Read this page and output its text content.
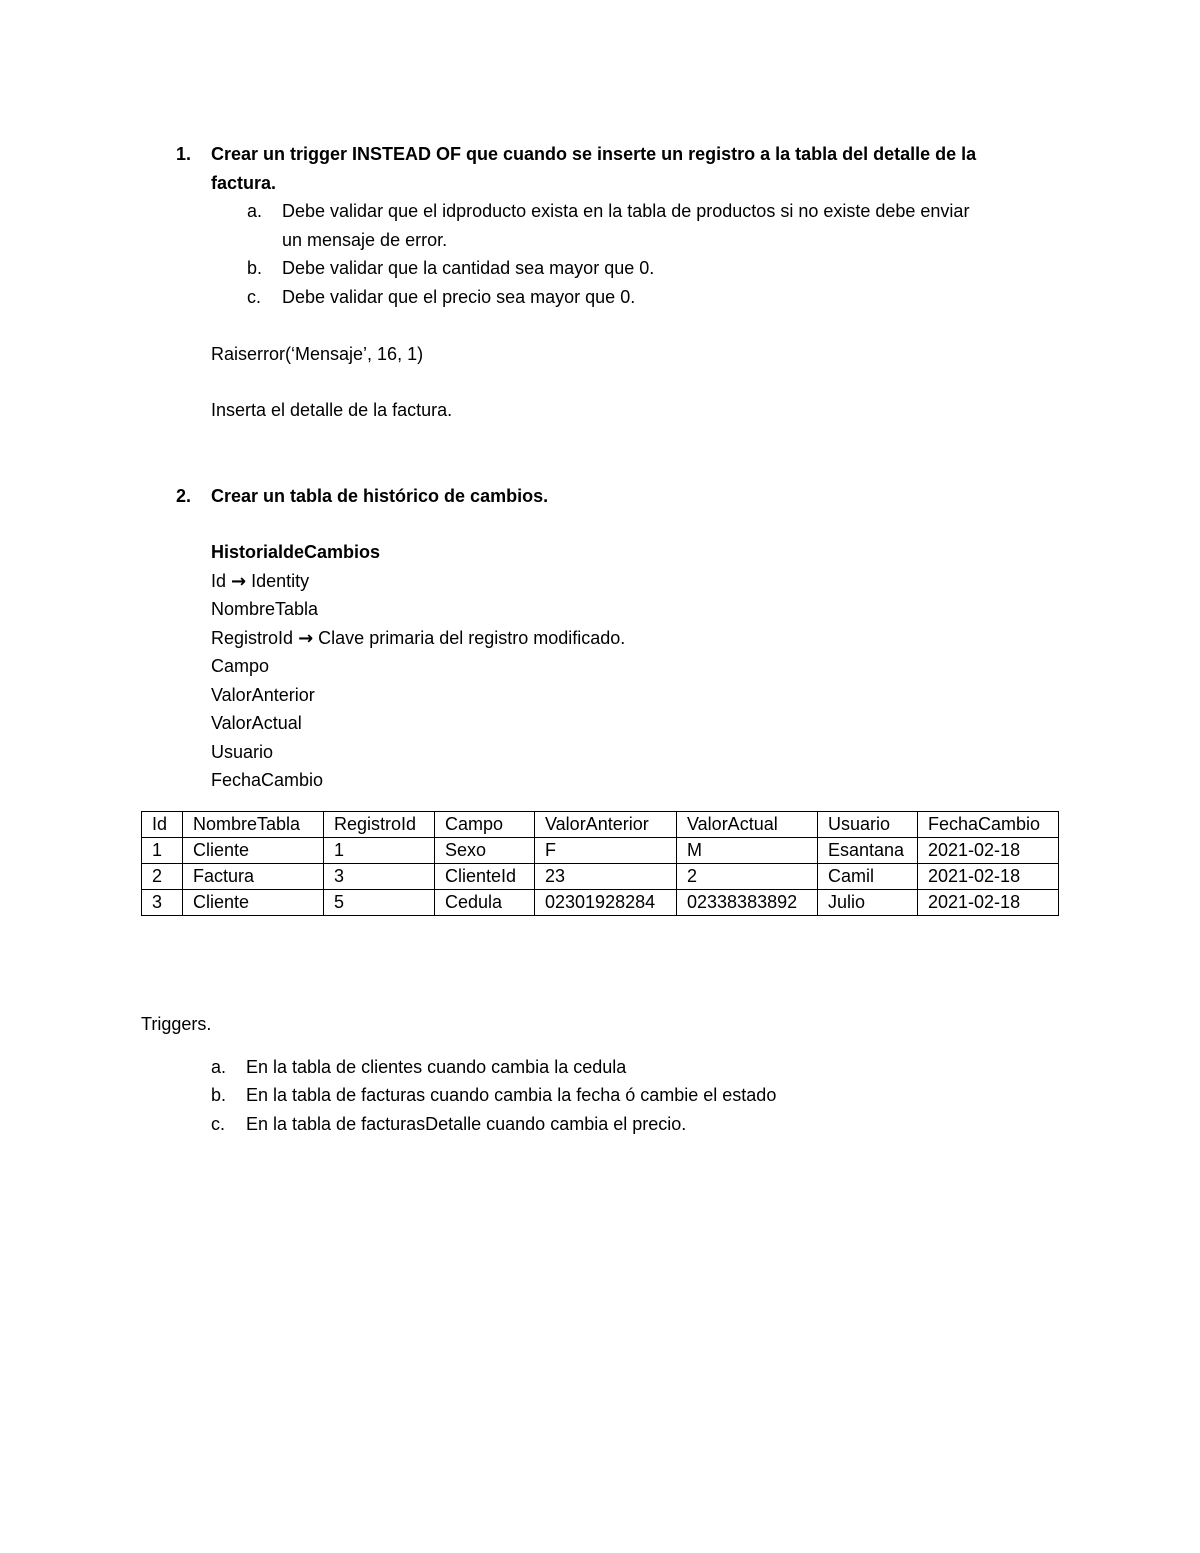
1. Crear un trigger INSTEAD OF que cuando se inserte un registro a la tabla del detalle de la
factura.
a. Debe validar que el idproducto exista en la tabla de productos si no existe debe enviar
un mensaje de error.
b. Debe validar que la cantidad sea mayor que 0.
c. Debe validar que el precio sea mayor que 0.
Raiserror(‘Mensaje’, 16, 1)
Inserta el detalle de la factura.
2. Crear un tabla de histórico de cambios.
HistorialdeCambios
Id → Identity
NombreTabla
RegistroId → Clave primaria del registro modificado.
Campo
ValorAnterior
ValorActual
Usuario
FechaCambio
Id	NombreTabla	RegistroId	Campo	ValorAnterior	ValorActual	Usuario	FechaCambio
1	Cliente	1	Sexo	F	M	Esantana	2021-02-18
2	Factura	3	ClienteId	23	2	Camil	2021-02-18
3	Cliente	5	Cedula	02301928284	02338383892	Julio	2021-02-18
Triggers.
a. En la tabla de clientes cuando cambia la cedula
b. En la tabla de facturas cuando cambia la fecha ó cambie el estado
c. En la tabla de facturasDetalle cuando cambia el precio.
